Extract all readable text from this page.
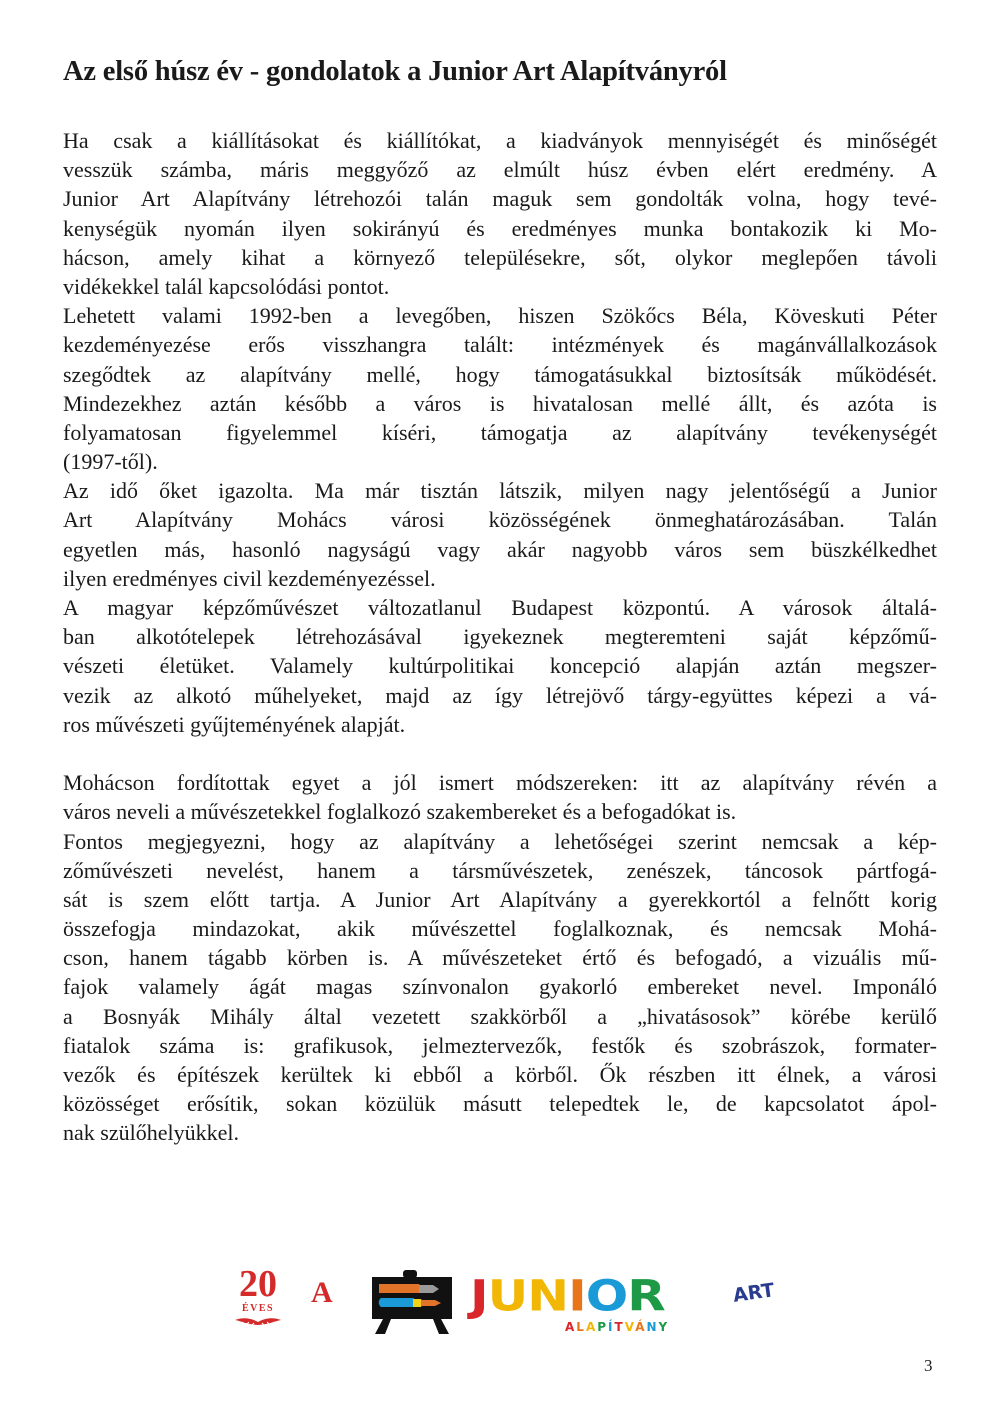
Az első húsz év - gondolatok a Junior Art Alapítványról

Ha csak a kiállításokat és kiállítókat, a kiadványok mennyiségét és minőségét
vesszük számba, máris meggyőző az elmúlt húsz évben elért eredmény. A
Junior Art Alapítvány létrehozói talán maguk sem gondolták volna, hogy tevé-
kenységük nyomán ilyen sokirányú és eredményes munka bontakozik ki Mo-
hácson, amely kihat a környező településekre, sőt, olykor meglepően távoli
vidékekkel talál kapcsolódási pontot.

Lehetett valami 1992-ben a levegőben, hiszen Szökőcs Béla, Köveskuti Péter
kezdeményezése erős visszhangra talált: intézmények és magánvállalkozások
szegődtek az alapítvány mellé, hogy támogatásukkal biztosítsák működését.

Mindezekhez aztán később a város is hivatalosan mellé állt, és azóta is
folyamatosan figyelemmel kíséri, támogatja az alapítvány tevékenységét
(1997-től).

Az idő őket igazolta. Ma már tisztán látszik, milyen nagy jelentőségű a Junior
Art Alapítvány Mohács városi közösségének önmeghatározásában. Talán
egyetlen más, hasonló nagyságú vagy akár nagyobb város sem büszkélkedhet
ilyen eredményes civil kezdeményezéssel.

A magyar képzőművészet változatlanul Budapest központú. A városok általá-
ban alkotótelepek létrehozásával igyekeznek megteremteni saját képzőmű-
vészeti életüket. Valamely kultúrpolitikai koncepció alapján aztán megszer-
vezik az alkotó műhelyeket, majd az így létrejövő tárgy-együttes képezi a vá-
ros művészeti gyűjteményének alapját.

Mohácson fordítottak egyet a jól ismert módszereken: itt az alapítvány révén a
város neveli a művészetekkel foglalkozó szakembereket és a befogadókat is.

Fontos megjegyezni, hogy az alapítvány a lehetőségei szerint nemcsak a kép-
zőművészeti nevelést, hanem a társművészetek, zenészek, táncosok pártfogá-
sát is szem előtt tartja. A Junior Art Alapítvány a gyerekkortól a felnőtt korig
összefogja mindazokat, akik művészettel foglalkoznak, és nemcsak Mohá-
cson, hanem tágabb körben is. A művészeteket értő és befogadó, a vizuális mű-
fajok valamely ágát magas színvonalon gyakorló embereket nevel. Imponáló
a Bosnyák Mihály által vezetett szakkörből a „hivatásosok” körébe kerülő
fiatalok száma is: grafikusok, jelmeztervezők, festők és szobrászok, formater-
vezők és építészek kerültek ki ebből a körből. Ők részben itt élnek, a városi
közösséget erősítik, sokan közülük másutt telepedtek le, de kapcsolatot ápol-
nak szülőhelyükkel.

20
ÉVES	A	JUNIOR
ALAPÍTVÁNY
ART
3
